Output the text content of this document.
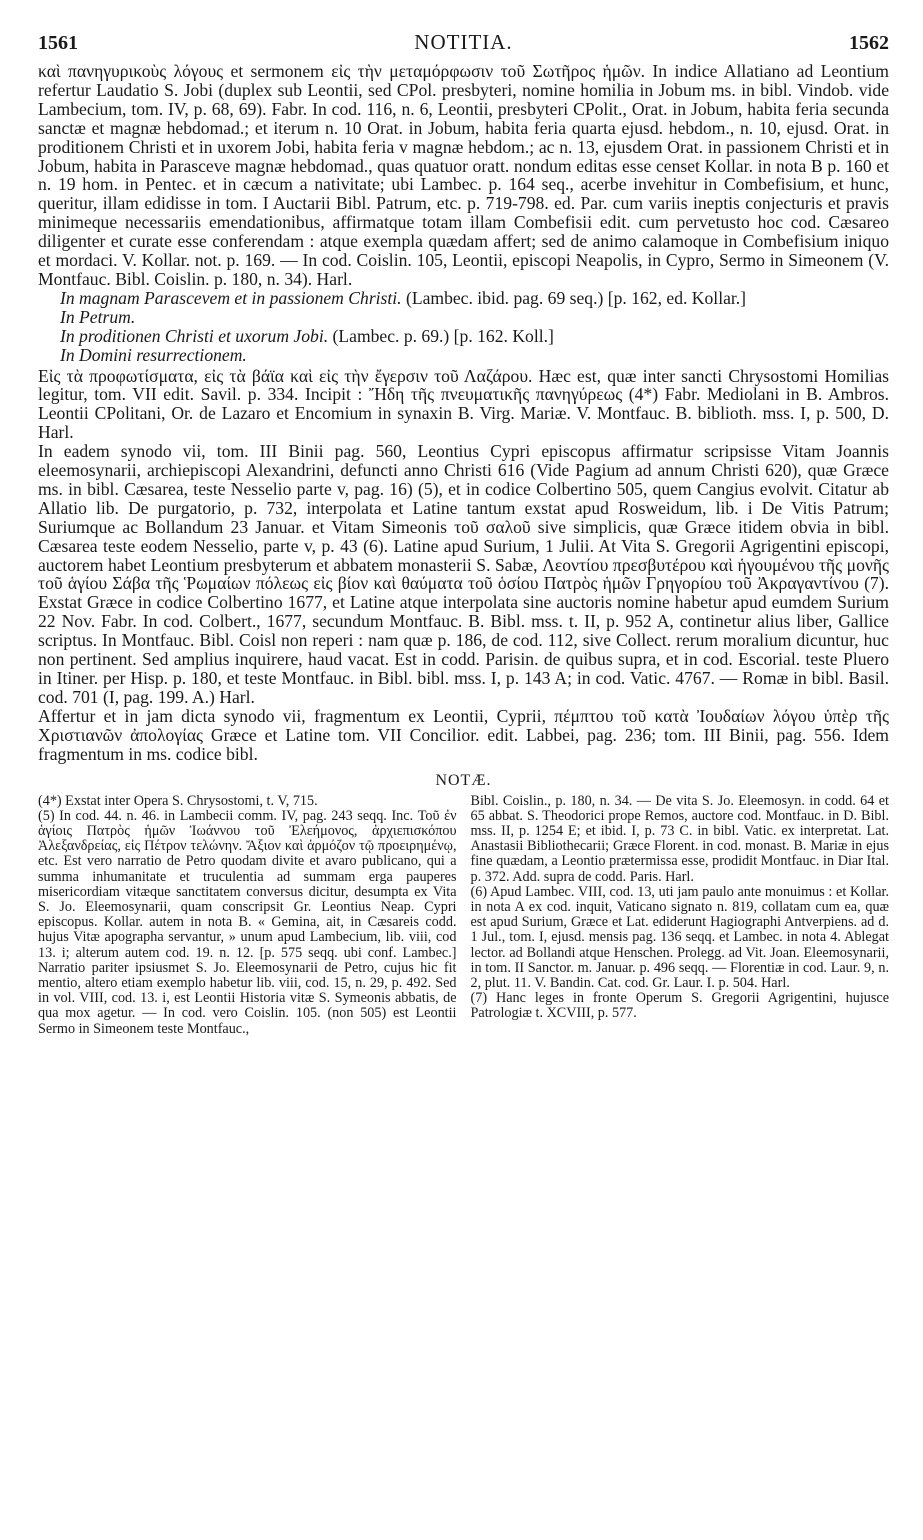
1561	NOTITIA.	1562

καὶ πανηγυρικοὺς λόγους et sermonem εἰς τὴν μεταμόρφωσιν τοῦ Σωτῆρος ἡμῶν. In indice Allatiano ad Leontium refertur Laudatio S. Jobi (duplex sub Leontii, sed CPol. presbyteri, nomine homilia in Jobum ms. in bibl. Vindob. vide Lambecium, tom. IV, p. 68, 69). Fabr. In cod. 116, n. 6, Leontii, presbyteri CPolit., Orat. in Jobum, habita feria secunda sanctæ et magnæ hebdomad.; et iterum n. 10 Orat. in Jobum, habita feria quarta ejusd. hebdom., n. 10, ejusd. Orat. in proditionem Christi et in uxorem Jobi, habita feria v magnæ hebdom.; ac n. 13, ejusdem Orat. in passionem Christi et in Jobum, habita in Parasceve magnæ hebdomad., quas quatuor oratt. nondum editas esse censet Kollar. in nota B p. 160 et n. 19 hom. in Pentec. et in cæcum a nativitate; ubi Lambec. p. 164 seq., acerbe invehitur in Combefisium, et hunc, queritur, illam edidisse in tom. I Auctarii Bibl. Patrum, etc. p. 719-798. ed. Par. cum variis ineptis conjecturis et pravis minimeque necessariis emendationibus, affirmatque totam illam Combefisii edit. cum pervetusto hoc cod. Cæsareo diligenter et curate esse conferendam : atque exempla quædam affert; sed de animo calamoque in Combefisium iniquo et mordaci. V. Kollar. not. p. 169. — In cod. Coislin. 105, Leontii, episcopi Neapolis, in Cypro, Sermo in Simeonem (V. Montfauc. Bibl. Coislin. p. 180, n. 34). Harl.

In magnam Parascevem et in passionem Christi. (Lambec. ibid. pag. 69 seq.) [p. 162, ed. Kollar.]

In Petrum.

In proditionen Christi et uxorum Jobi. (Lambec. p. 69.) [p. 162. Koll.]

In Domini resurrectionem.

Εἰς τὰ προφωτίσματα, εἰς τὰ βάϊα καὶ εἰς τὴν ἔγερσιν τοῦ Λαζάρου. Hæc est, quæ inter sancti Chrysostomi Homilias legitur, tom. VII edit. Savil. p. 334. Incipit : Ἤδη τῆς πνευματικῆς πανηγύρεως (4*) Fabr. Mediolani in B. Ambros. Leontii CPolitani, Or. de Lazaro et Encomium in synaxin B. Virg. Mariæ. V. Montfauc. B. biblioth. mss. I, p. 500, D. Harl.

In eadem synodo vii, tom. III Binii pag. 560, Leontius Cypri episcopus affirmatur scripsisse Vitam Joannis eleemosynarii, archiepiscopi Alexandrini, defuncti anno Christi 616 (Vide Pagium ad annum Christi 620), quæ Græce ms. in bibl. Cæsarea, teste Nesselio parte v, pag. 16) (5), et in codice Colbertino 505, quem Cangius evolvit. Citatur ab Allatio lib. De purgatorio, p. 732, interpolata et Latine tantum exstat apud Rosweidum, lib. i De Vitis Patrum; Suriumque ac Bollandum 23 Januar. et Vitam Simeonis τοῦ σαλοῦ sive simplicis, quæ Græce itidem obvia in bibl. Cæsarea teste eodem Nesselio, parte v, p. 43 (6). Latine apud Surium, 1 Julii. At Vita S. Gregorii Agrigentini episcopi, auctorem habet Leontium presbyterum et abbatem monasterii S. Sabæ, Λεοντίου πρεσβυτέρου καὶ ἡγουμένου τῆς μονῆς τοῦ ἁγίου Σάβα τῆς Ῥωμαίων πόλεως εἰς βίον καὶ θαύματα τοῦ ὁσίου Πατρὸς ἡμῶν Γρηγορίου τοῦ Ἀκραγαντίνου (7). Exstat Græce in codice Colbertino 1677, et Latine atque interpolata sine auctoris nomine habetur apud eumdem Surium 22 Nov. Fabr. In cod. Colbert., 1677, secundum Montfauc. B. Bibl. mss. t. II, p. 952 A, continetur alius liber, Gallice scriptus. In Montfauc. Bibl. Coisl non reperi : nam quæ p. 186, de cod. 112, sive Collect. rerum moralium dicuntur, huc non pertinent. Sed amplius inquirere, haud vacat. Est in codd. Parisin. de quibus supra, et in cod. Escorial. teste Pluero in Itiner. per Hisp. p. 180, et teste Montfauc. in Bibl. bibl. mss. I, p. 143 A; in cod. Vatic. 4767. — Romæ in bibl. Basil. cod. 701 (I, pag. 199. A.) Harl.

Affertur et in jam dicta synodo vii, fragmentum ex Leontii, Cyprii, πέμπτου τοῦ κατὰ Ἰουδαίων λόγου ὑπὲρ τῆς Χριστιανῶν ἀπολογίας Græce et Latine tom. VII Concilior. edit. Labbei, pag. 236; tom. III Binii, pag. 556. Idem fragmentum in ms. codice bibl.

NOTÆ.

(4*) Exstat inter Opera S. Chrysostomi, t. V, 715.

(5) In cod. 44. n. 46. in Lambecii comm. IV, pag. 243 seqq. Inc. Τοῦ ἐν ἁγίοις Πατρὸς ἡμῶν Ἰωάννου τοῦ Ἐλεήμονος, ἀρχιεπισκόπου Ἀλεξανδρείας, εἰς Πέτρον τελώνην. Ἄξιον καὶ ἁρμόζον τῷ προειρημένῳ, etc. Est vero narratio de Petro quodam divite et avaro publicano, qui a summa inhumanitate et truculentia ad summam erga pauperes misericordiam vitæque sanctitatem conversus dicitur, desumpta ex Vita S. Jo. Eleemosynarii, quam conscripsit Gr. Leontius Neap. Cypri episcopus. Kollar. autem in nota B. « Gemina, ait, in Cæsareis codd. hujus Vitæ apographa servantur, » unum apud Lambecium, lib. viii, cod 13. i; alterum autem cod. 19. n. 12. [p. 575 seqq. ubi conf. Lambec.] Narratio pariter ipsiusmet S. Jo. Eleemosynarii de Petro, cujus hic fit mentio, altero etiam exemplo habetur lib. viii, cod. 15, n. 29, p. 492. Sed in vol. VIII, cod. 13. i, est Leontii Historia vitæ S. Symeonis abbatis, de qua mox agetur. — In cod. vero Coislin. 105. (non 505) est Leontii Sermo in Simeonem teste Montfauc.,

Bibl. Coislin., p. 180, n. 34. — De vita S. Jo. Eleemosyn. in codd. 64 et 65 abbat. S. Theodorici prope Remos, auctore cod. Montfauc. in D. Bibl. mss. II, p. 1254 E; et ibid. I, p. 73 C. in bibl. Vatic. ex interpretat. Lat. Anastasii Bibliothecarii; Græce Florent. in cod. monast. B. Mariæ in ejus fine quædam, a Leontio prætermissa esse, prodidit Montfauc. in Diar Ital. p. 372. Add. supra de codd. Paris. Harl.

(6) Apud Lambec. VIII, cod. 13, uti jam paulo ante monuimus : et Kollar. in nota A ex cod. inquit, Vaticano signato n. 819, collatam cum ea, quæ est apud Surium, Græce et Lat. ediderunt Hagiographi Antverpiens. ad d. 1 Jul., tom. I, ejusd. mensis pag. 136 seqq. et Lambec. in nota 4. Ablegat lector. ad Bollandi atque Henschen. Prolegg. ad Vit. Joan. Eleemosynarii, in tom. II Sanctor. m. Januar. p. 496 seqq. — Florentiæ in cod. Laur. 9, n. 2, plut. 11. V. Bandin. Cat. cod. Gr. Laur. I. p. 504. Harl.

(7) Hanc leges in fronte Operum S. Gregorii Agrigentini, hujusce Patrologiæ t. XCVIII, p. 577.
